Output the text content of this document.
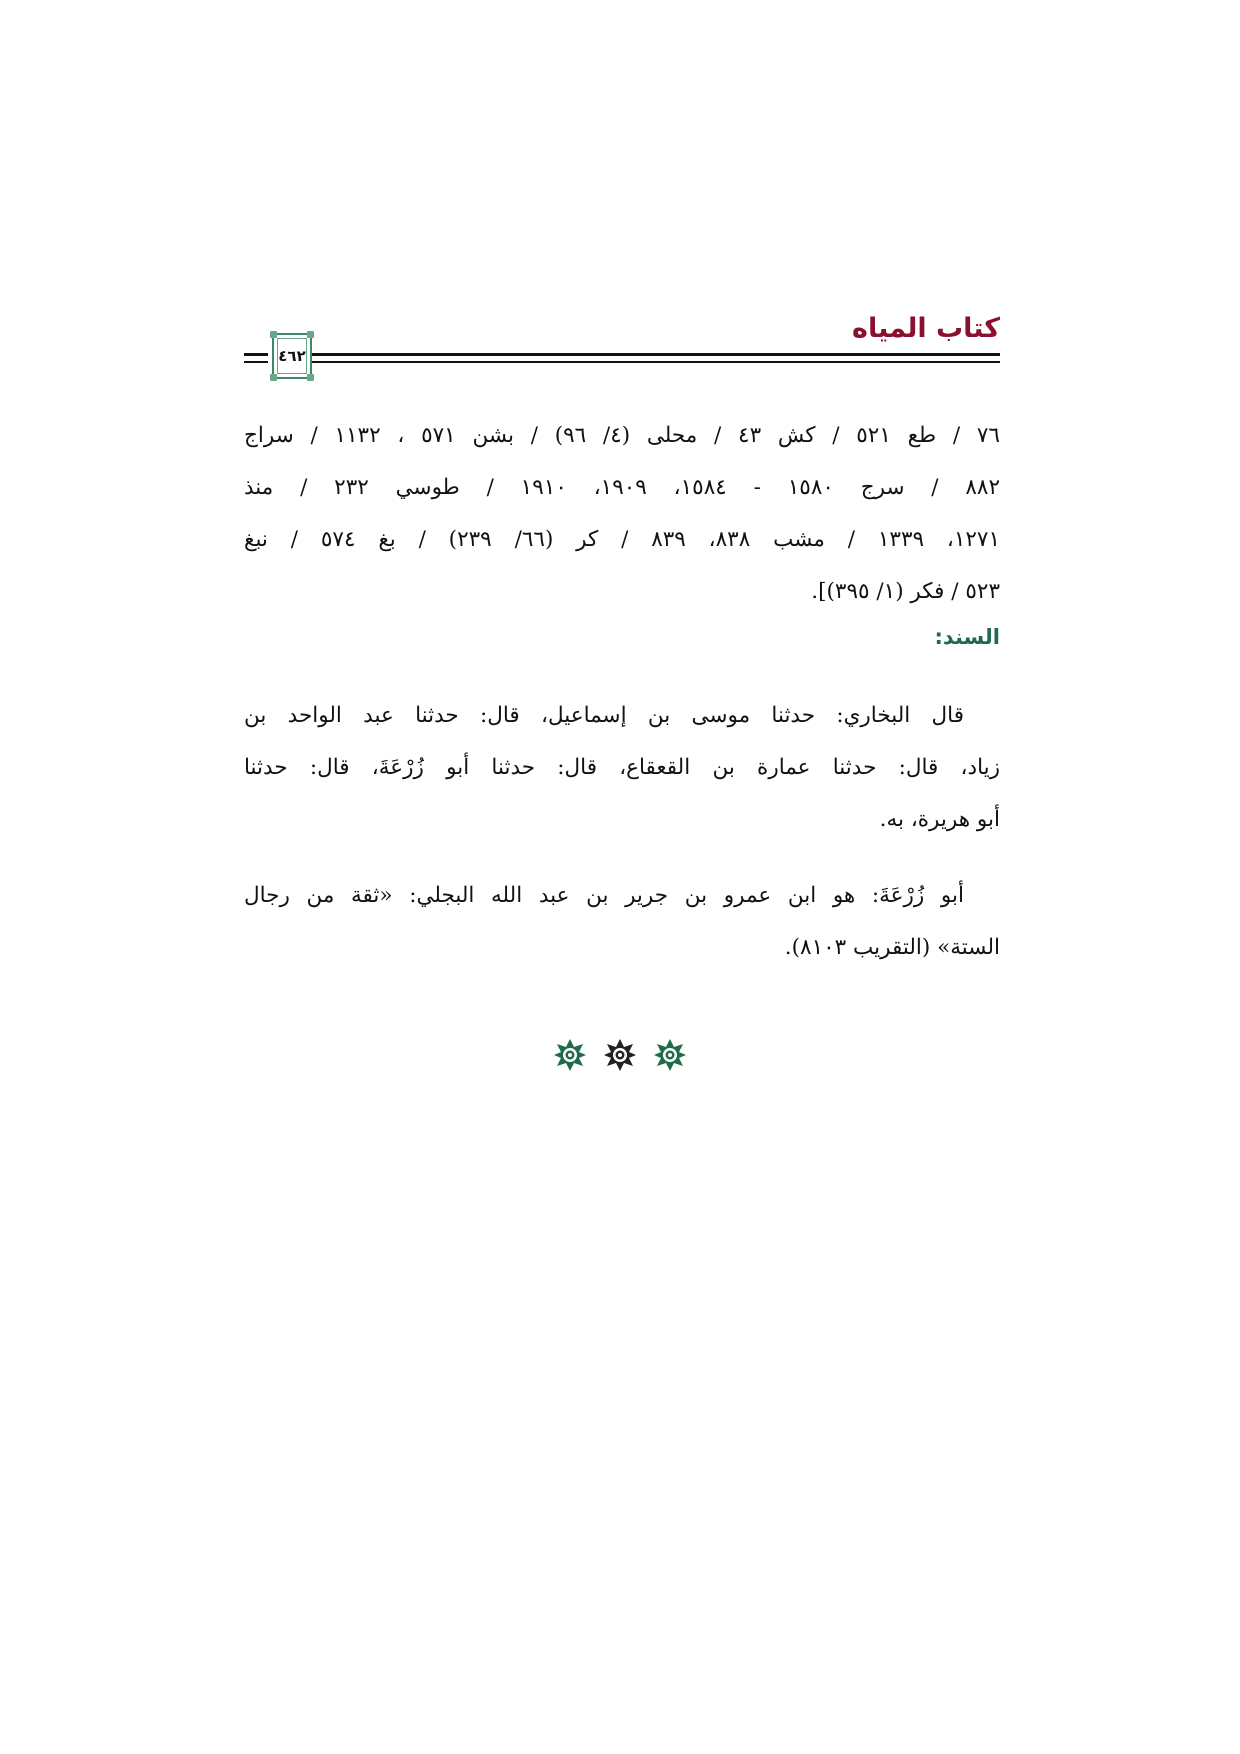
كتاب المياه
٤٦٢
٧٦ / طع ٥٢١ / كش ٤٣ / محلى (٤/ ٩٦) / بشن ٥٧١ ، ١١٣٢ / سراج
٨٨٢ / سرج ١٥٨٠ - ١٥٨٤، ١٩٠٩، ١٩١٠ / طوسي ٢٣٢ / منذ
١٢٧١، ١٣٣٩ / مشب ٨٣٨، ٨٣٩ / كر (٦٦/ ٢٣٩) / بغ ٥٧٤ / نبغ
٥٢٣ / فكر (١/ ٣٩٥)].
السند:
قال البخاري: حدثنا موسى بن إسماعيل، قال: حدثنا عبد الواحد بن
زياد، قال: حدثنا عمارة بن القعقاع، قال: حدثنا أبو زُرْعَةَ، قال: حدثنا
أبو هريرة، به.
أبو زُرْعَةَ: هو ابن عمرو بن جرير بن عبد الله البجلي: «ثقة من رجال
الستة» (التقريب ٨١٠٣).
